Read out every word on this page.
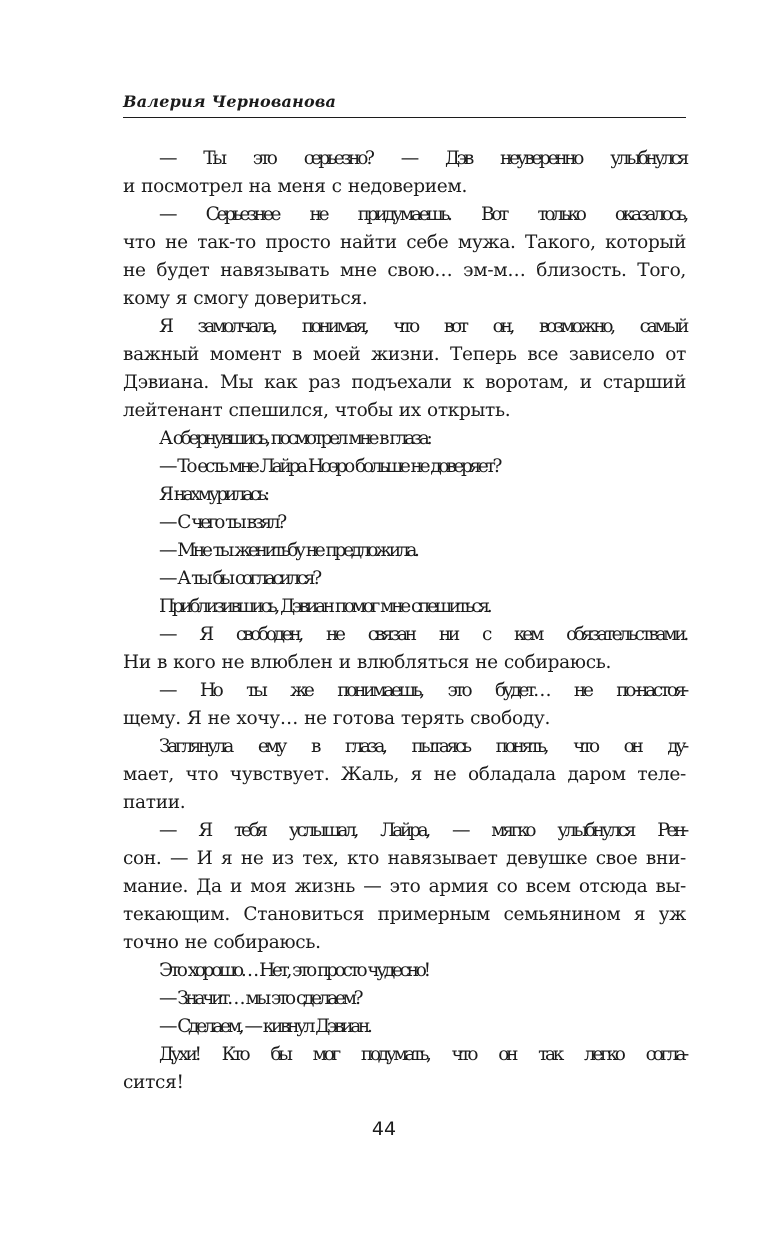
Валерия Чернованова
— Ты это серьезно? — Дэв неуверенно улыбнулся
и посмотрел на меня с недоверием.
— Серьезнее не придумаешь. Вот только оказалось,
что не так-то просто найти себе мужа. Такого, который
не будет навязывать мне свою… эм-м… близость. Того,
кому я смогу довериться.
Я замолчала, понимая, что вот он, возможно, самый
важный момент в моей жизни. Теперь все зависело от
Дэвиана. Мы как раз подъехали к воротам, и старший
лейтенант спешился, чтобы их открыть.
А обернувшись, посмотрел мне в глаза:
— То есть мне Лайра Ноэро больше не доверяет?
Я нахмурилась:
— С чего ты взял?
— Мне ты женитьбу не предложила.
— А ты бы согласился?
Приблизившись, Дэвиан помог мне спешиться.
— Я свободен, не связан ни с кем обязательствами.
Ни в кого не влюблен и влюбляться не собираюсь.
— Но ты же понимаешь, это будет… не по-настоя-
щему. Я не хочу… не готова терять свободу.
Заглянула ему в глаза, пытаясь понять, что он ду-
мает, что чувствует. Жаль, я не обладала даром теле-
патии.
— Я тебя услышал, Лайра, — мягко улыбнулся Рен-
сон. — И я не из тех, кто навязывает девушке свое вни-
мание. Да и моя жизнь — это армия со всем отсюда вы-
текающим. Становиться примерным семьянином я уж
точно не собираюсь.
Это хорошо… Нет, это просто чудесно!
— Значит… мы это сделаем?
— Сделаем, — кивнул Дэвиан.
Духи! Кто бы мог подумать, что он так легко согла-
сится!
44
